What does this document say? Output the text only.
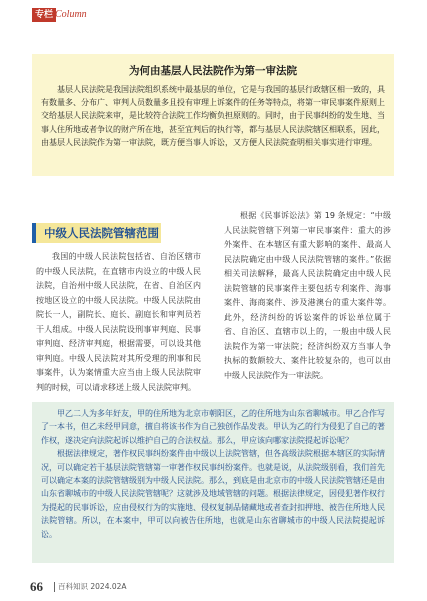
专栏 Column
为何由基层人民法院作为第一审法院
基层人民法院是我国法院组织系统中最基层的单位，它是与我国的基层行政辖区相一致的，具有数量多、分布广、审判人员数量多且投有审理上诉案件的任务等特点，将第一审民事案件原则上交给基层人民法院来审，是比较符合法院工作均衡负担原则的。同时，由于民事纠纷的发生地、当事人住所地或者争议的财产所在地，甚至宜判后的执行等，都与基层人民法院辖区相联系，因此，由基层人民法院作为第一审法院，既方便当事人诉讼，又方便人民法院查明相关事实进行审理。
中级人民法院管辖范围
我国的中级人民法院包括省、自治区辖市的中级人民法院，在直辖市内设立的中级人民法院，自治州中级人民法院，在省、自治区内按地区设立的中级人民法院。中级人民法院由院长一人，副院长、庭长、副庭长和审判员若干人组成。中级人民法院设刑事审判庭、民事审判庭、经济审判庭，根据需要，可以设其他审判庭。中级人民法院对其所受理的刑事和民事案件，认为案情重大应当由上级人民法院审判的时候，可以请求移送上级人民法院审判。
根据《民事诉讼法》第 19 条规定：“中级人民法院管辖下列第一审民事案件：重大的涉外案件、在本辖区有重大影响的案件、最高人民法院确定由中级人民法院管辖的案件。”依据相关司法解释，最高人民法院确定由中级人民法院管辖的民事案件主要包括专利案件、海事案件、海商案件、涉及港澳台的重大案件等。此外，经济纠纷的诉讼案件的诉讼单位属于省、自治区、直辖市以上的，一般由中级人民法院作为第一审法院；经济纠纷双方当事人争执标的数额较大、案件比较复杂的，也可以由中级人民法院作为一审法院。

甲乙二人为多年好友，甲的住所地为北京市朝阳区，乙的住所地为山东省聊城市。甲乙合作写了一本书，但乙未经甲同意，擅自将该书作为自己独创作品发表。甲认为乙的行为侵犯了自己的著作权，遂决定向法院起诉以维护自己的合法权益。那么，甲应该向哪家法院提起诉讼呢？

根据法律规定，著作权民事纠纷案件由中级以上法院管辖，但各高级法院根据本辖区的实际情况，可以确定若干基层法院管辖第一审著作权民事纠纷案件。也就是说，从法院级别看，我们首先可以确定本案的法院管辖级别为中级人民法院。那么，到底是由北京市的中级人民法院管辖还是由山东省聊城市的中级人民法院管辖呢？这就涉及地域管辖的问题。根据法律规定，因侵犯著作权行为提起的民事诉讼，应由侵权行为的实施地、侵权复制品储藏地或者查封扣押地、被告住所地人民法院管辖。所以，在本案中，甲可以向被告住所地，也就是山东省聊城市的中级人民法院提起诉讼。

66 百科知识 2024.02A
